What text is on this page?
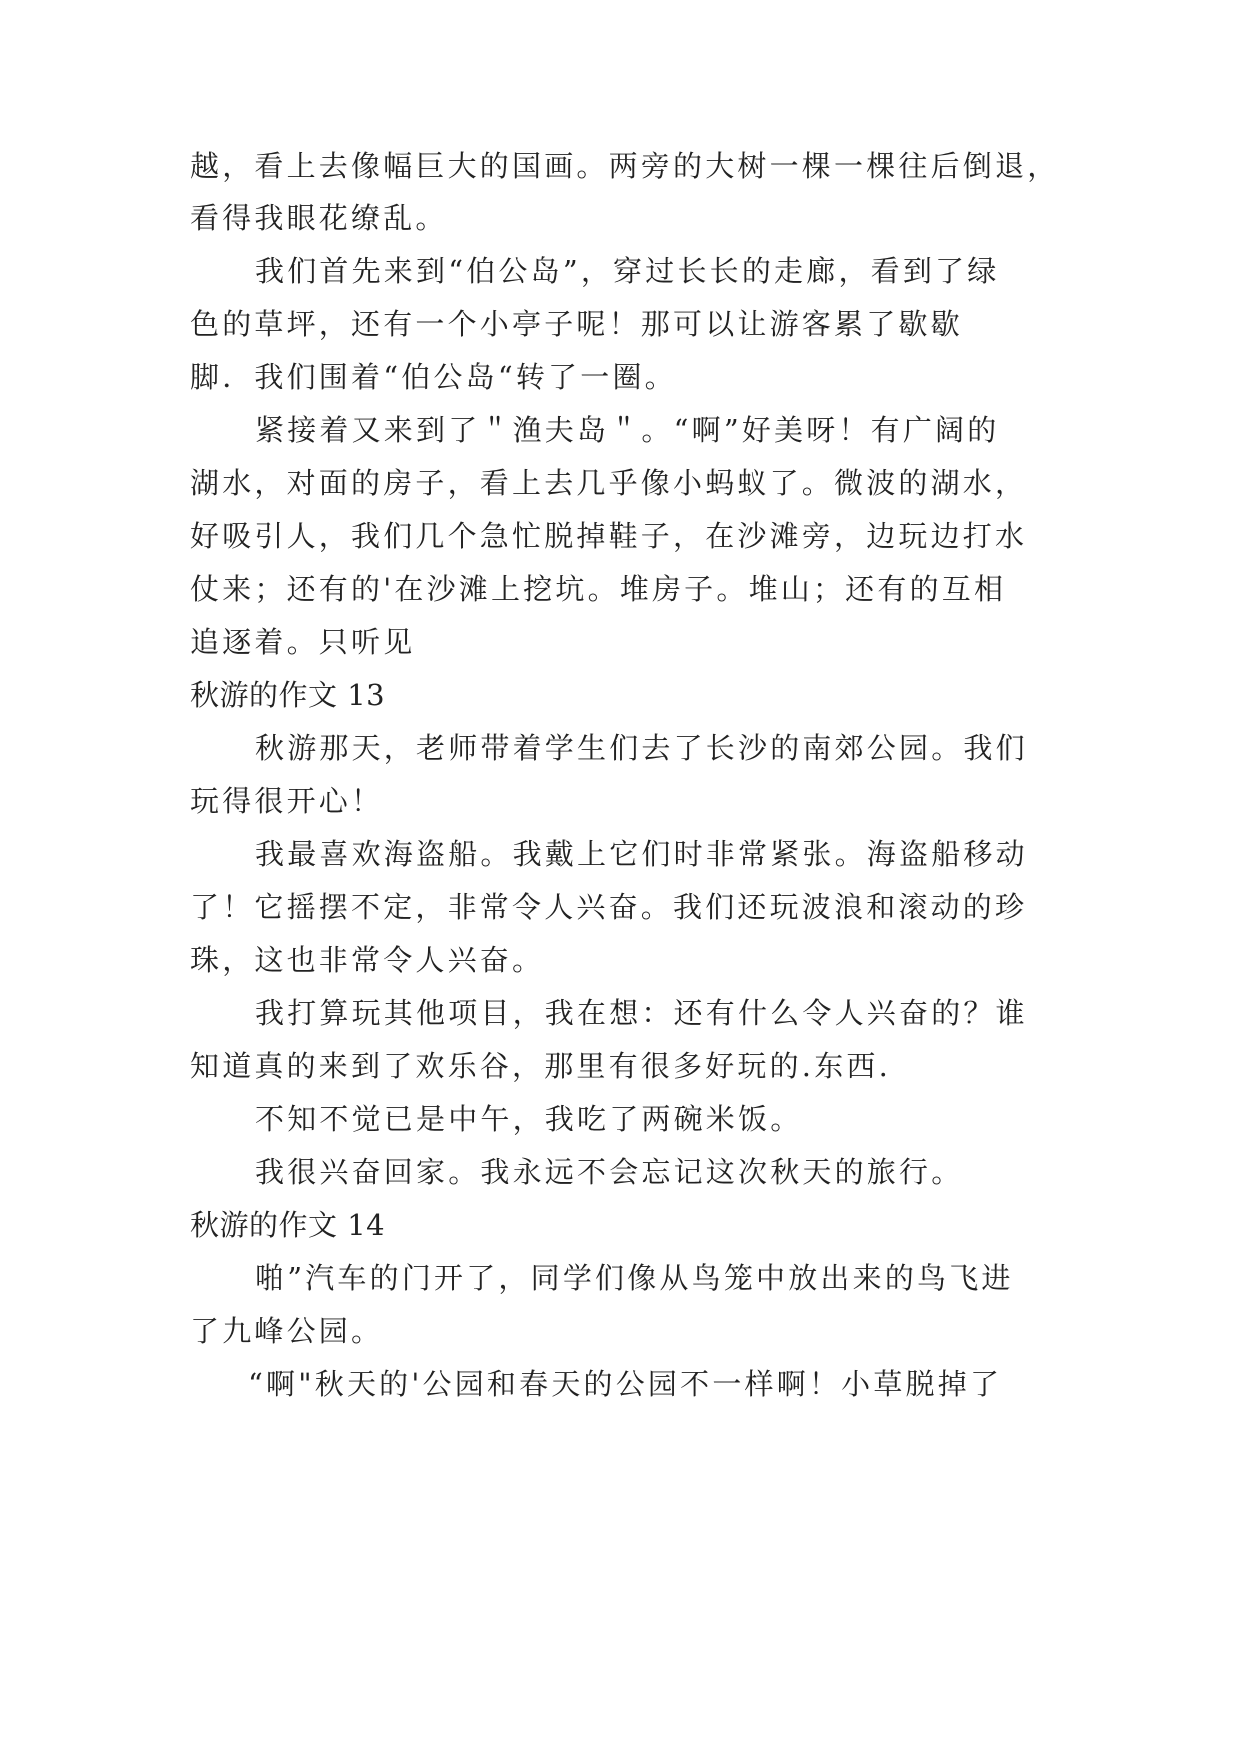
越，看上去像幅巨大的国画。两旁的大树一棵一棵往后倒退，
看得我眼花缭乱。
我们首先来到“伯公岛”，穿过长长的走廊，看到了绿
色的草坪，还有一个小亭子呢！那可以让游客累了歇歇
脚．我们围着“伯公岛“转了一圈。
紧接着又来到了＂渔夫岛＂。“啊”好美呀！有广阔的
湖水，对面的房子，看上去几乎像小蚂蚁了。微波的湖水，
好吸引人，我们几个急忙脱掉鞋子，在沙滩旁，边玩边打水
仗来；还有的'在沙滩上挖坑。堆房子。堆山；还有的互相
追逐着。只听见
秋游的作文 13
秋游那天，老师带着学生们去了长沙的南郊公园。我们
玩得很开心！
我最喜欢海盗船。我戴上它们时非常紧张。海盗船移动
了！它摇摆不定，非常令人兴奋。我们还玩波浪和滚动的珍
珠，这也非常令人兴奋。
我打算玩其他项目，我在想：还有什么令人兴奋的？谁
知道真的来到了欢乐谷，那里有很多好玩的.东西.
不知不觉已是中午，我吃了两碗米饭。
我很兴奋回家。我永远不会忘记这次秋天的旅行。
秋游的作文 14
啪”汽车的门开了，同学们像从鸟笼中放出来的鸟飞进
了九峰公园。
“啊"秋天的'公园和春天的公园不一样啊！小草脱掉了
